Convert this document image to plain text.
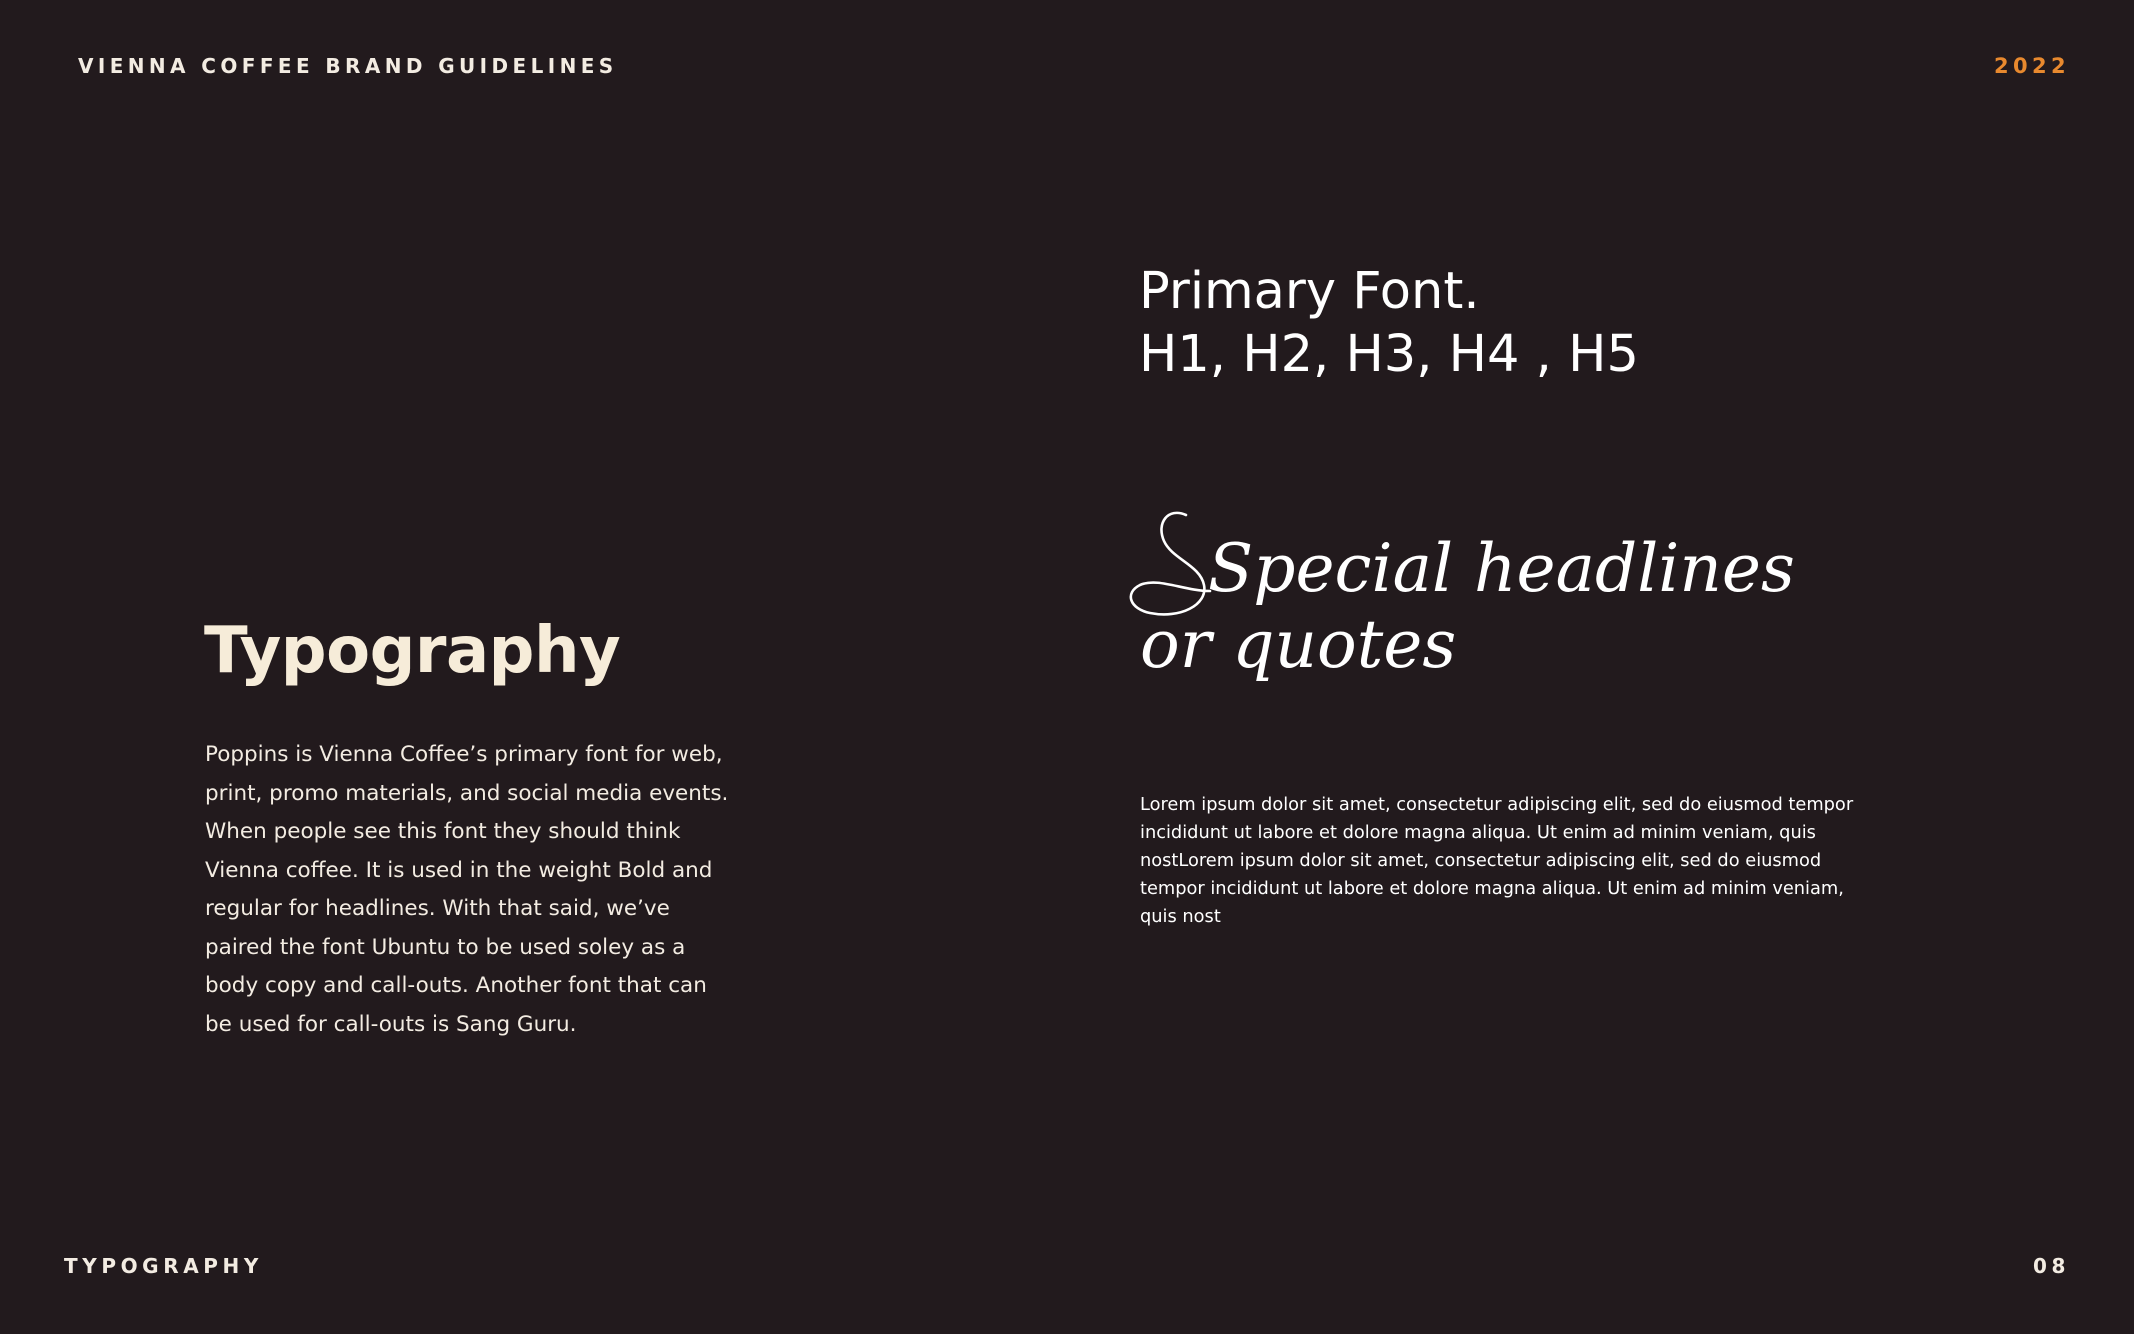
VIENNA COFFEE BRAND GUIDELINES	2022
Typography
Poppins is Vienna Coffee’s primary font for web, print, promo materials, and social media events. When people see this font they should think Vienna coffee. It is used in the weight Bold and regular for headlines. With that said, we’ve paired the font Ubuntu to be used soley as a body copy and call-outs. Another font that can be used for call-outs is Sang Guru.
Primary Font.
H1, H2, H3, H4 , H5
Special headlines
or quotes
Lorem ipsum dolor sit amet, consectetur adipiscing elit, sed do eiusmod tempor incididunt ut labore et dolore magna aliqua. Ut enim ad minim veniam, quis nostLorem ipsum dolor sit amet, consectetur adipiscing elit, sed do eiusmod tempor incididunt ut labore et dolore magna aliqua. Ut enim ad minim veniam, quis nost
TYPOGRAPHY	08
